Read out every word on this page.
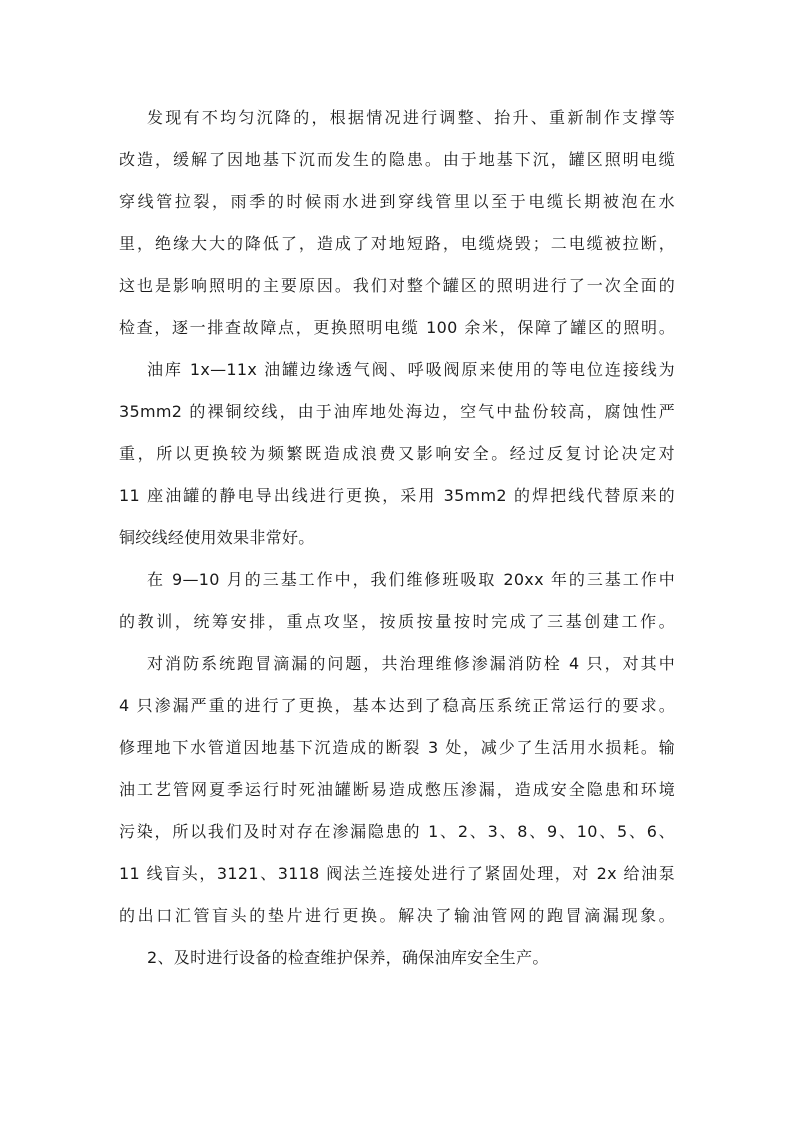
发现有不均匀沉降的，根据情况进行调整、抬升、重新制作支撑等
改造，缓解了因地基下沉而发生的隐患。由于地基下沉，罐区照明电缆
穿线管拉裂，雨季的时候雨水进到穿线管里以至于电缆长期被泡在水
里，绝缘大大的降低了，造成了对地短路，电缆烧毁；二电缆被拉断，
这也是影响照明的主要原因。我们对整个罐区的照明进行了一次全面的
检查，逐一排查故障点，更换照明电缆 100 余米，保障了罐区的照明。
油库 1x—11x 油罐边缘透气阀、呼吸阀原来使用的等电位连接线为
35mm2 的裸铜绞线，由于油库地处海边，空气中盐份较高，腐蚀性严
重，所以更换较为频繁既造成浪费又影响安全。经过反复讨论决定对
11 座油罐的静电导出线进行更换，采用 35mm2 的焊把线代替原来的
铜绞线经使用效果非常好。
在 9—10 月的三基工作中，我们维修班吸取 20xx 年的三基工作中
的教训，统筹安排，重点攻坚，按质按量按时完成了三基创建工作。
对消防系统跑冒滴漏的问题，共治理维修渗漏消防栓 4 只，对其中
4 只渗漏严重的进行了更换，基本达到了稳高压系统正常运行的要求。
修理地下水管道因地基下沉造成的断裂 3 处，减少了生活用水损耗。输
油工艺管网夏季运行时死油罐断易造成憋压渗漏，造成安全隐患和环境
污染，所以我们及时对存在渗漏隐患的 1、2、3、8、9、10、5、6、
11 线盲头，3121、3118 阀法兰连接处进行了紧固处理，对 2x 给油泵
的出口汇管盲头的垫片进行更换。解决了输油管网的跑冒滴漏现象。
2、及时进行设备的检查维护保养，确保油库安全生产。
